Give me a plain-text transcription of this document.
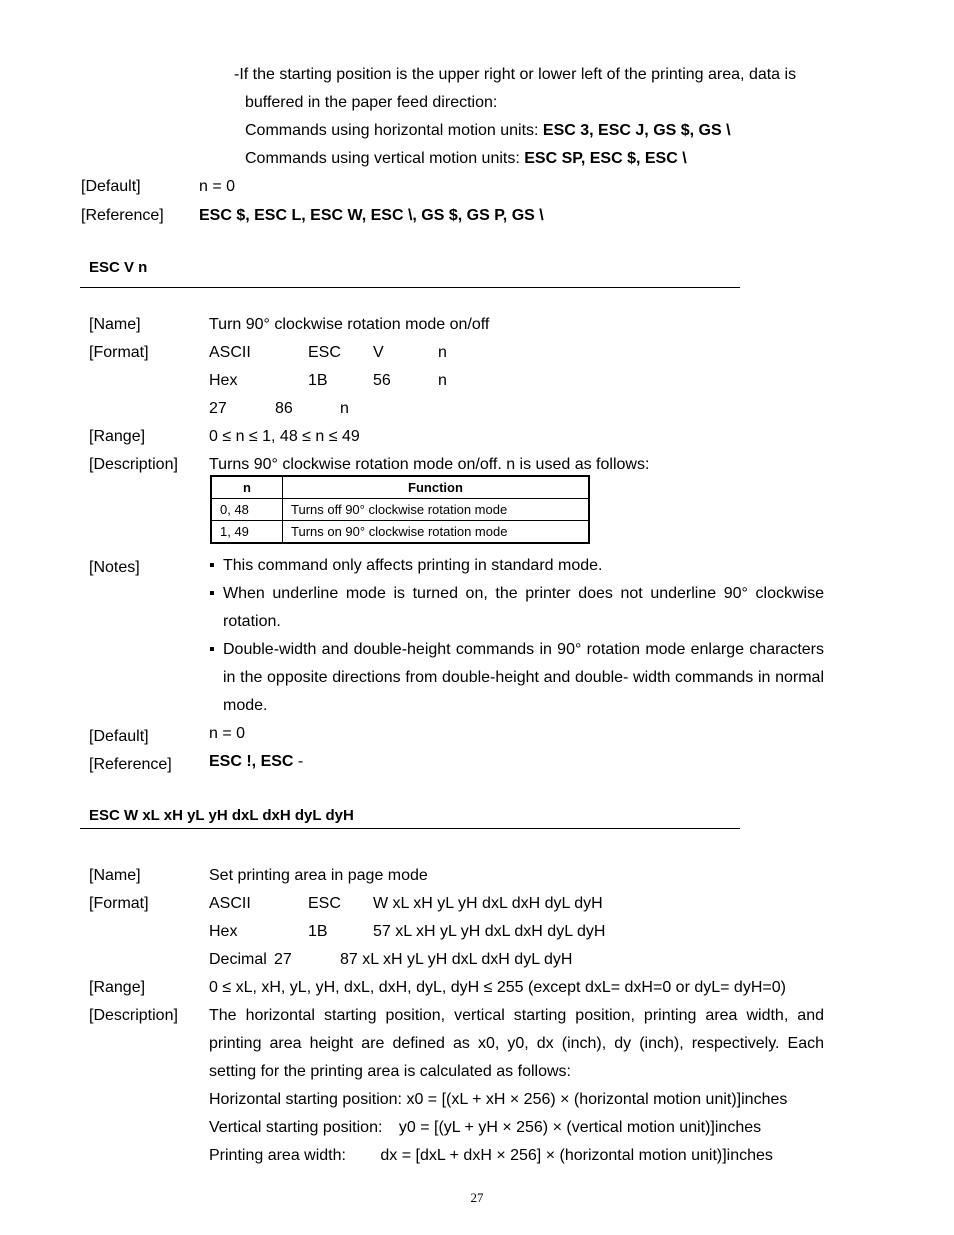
-If the starting position is the upper right or lower left of the printing area, data is
buffered in the paper feed direction:
Commands using horizontal motion units: ESC 3, ESC J, GS $, GS \
Commands using vertical motion units: ESC SP, ESC $, ESC \
[Default]	n = 0
[Reference] ESC $, ESC L, ESC W, ESC \, GS $, GS P, GS \
ESC V n
[Name]	Turn 90° clockwise rotation mode on/off
[Format]	ASCII	ESC V	n
Hex	1B	56	n
27	86	n
[Range]	0 ≤ n ≤ 1, 48 ≤ n ≤ 49
[Description] Turns 90° clockwise rotation mode on/off. n is used as follows:
n	Function
0, 48	Turns off 90° clockwise rotation mode
1, 49	Turns on 90° clockwise rotation mode
[Notes]	▪ This command only affects printing in standard mode.
▪ When underline mode is turned on, the printer does not underline 90° clockwise rotation.
▪ Double-width and double-height commands in 90° rotation mode enlarge characters in the opposite directions from double-height and double- width commands in normal mode.
[Default]	n = 0
[Reference] ESC !, ESC -
ESC W xL xH yL yH dxL dxH dyL dyH
[Name]	Set printing area in page mode
[Format]	ASCII	ESC W xL xH yL yH dxL dxH dyL dyH
Hex	1B	57 xL xH yL yH dxL dxH dyL dyH
Decimal 27	87 xL xH yL yH dxL dxH dyL dyH
[Range]	0 ≤ xL, xH, yL, yH, dxL, dxH, dyL, dyH ≤ 255 (except dxL= dxH=0 or dyL= dyH=0)
[Description] The horizontal starting position, vertical starting position, printing area width, and printing area height are defined as x0, y0, dx (inch), dy (inch), respectively. Each setting for the printing area is calculated as follows:
Horizontal starting position: x0 = [(xL + xH × 256) × (horizontal motion unit)]inches
Vertical starting position: y0 = [(yL + yH × 256) × (vertical motion unit)]inches
Printing area width: dx = [dxL + dxH × 256] × (horizontal motion unit)]inches
27
